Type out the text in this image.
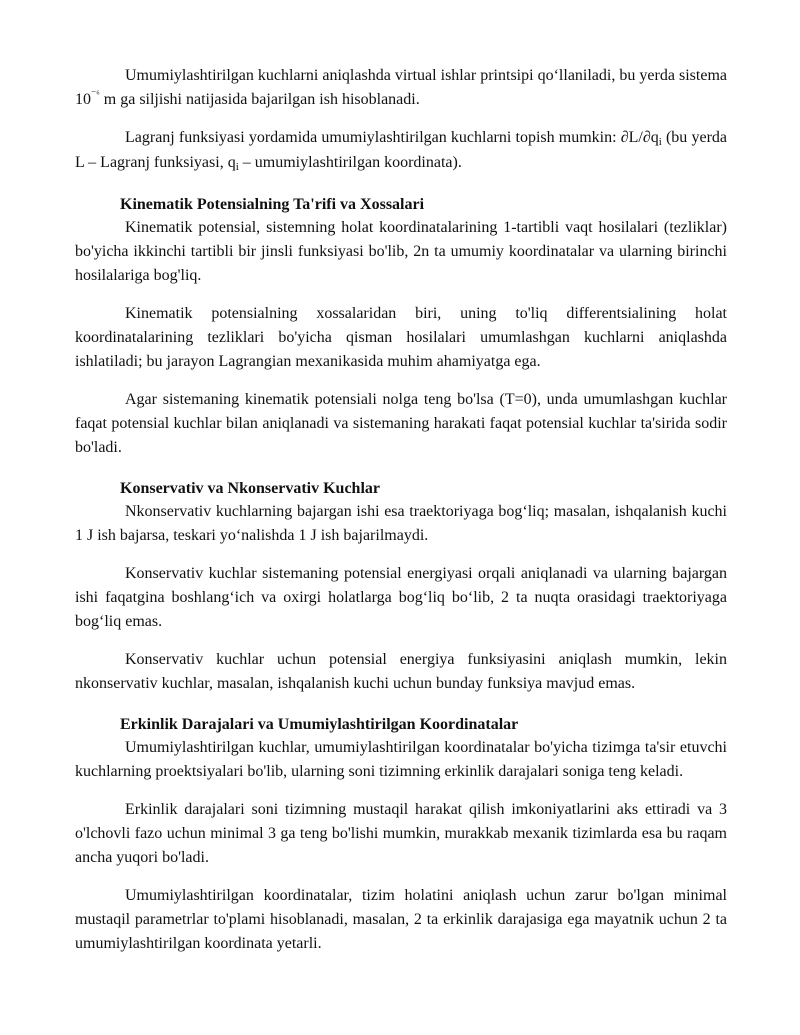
Umumiylashtirilgan kuchlarni aniqlashda virtual ishlar printsipi qo‘llaniladi, bu yerda sistema $10^{^{-6}}$ m ga siljishi natijasida bajarilgan ish hisoblanadi.

Lagranj funksiyasi yordamida umumiylashtirilgan kuchlarni topish mumkin: ∂L/∂qi (bu yerda L – Lagranj funksiyasi, qi – umumiylashtirilgan koordinata).

Kinematik Potensialning Ta'rifi va Xossalari

Kinematik potensial, sistemning holat koordinatalarining 1-tartibli vaqt hosilalari (tezliklar) bo'yicha ikkinchi tartibli bir jinsli funksiyasi bo'lib, 2n ta umumiy koordinatalar va ularning birinchi hosilalariga bog'liq.

Kinematik potensialning xossalaridan biri, uning to'liq differentsialining holat koordinatalarining tezliklari bo'yicha qisman hosilalari umumlashgan kuchlarni aniqlashda ishlatiladi; bu jarayon Lagrangian mexanikasida muhim ahamiyatga ega.

Agar sistemaning kinematik potensiali nolga teng bo'lsa (T=0), unda umumlashgan kuchlar faqat potensial kuchlar bilan aniqlanadi va sistemaning harakati faqat potensial kuchlar ta'sirida sodir bo'ladi.

Konservativ va Nkonservativ Kuchlar

Nkonservativ kuchlarning bajargan ishi esa traektoriyaga bog‘liq; masalan, ishqalanish kuchi 1 J ish bajarsa, teskari yo‘nalishda 1 J ish bajarilmaydi.

Konservativ kuchlar sistemaning potensial energiyasi orqali aniqlanadi va ularning bajargan ishi faqatgina boshlang‘ich va oxirgi holatlarga bog‘liq bo‘lib, 2 ta nuqta orasidagi traektoriyaga bog‘liq emas.

Konservativ kuchlar uchun potensial energiya funksiyasini aniqlash mumkin, lekin nkonservativ kuchlar, masalan, ishqalanish kuchi uchun bunday funksiya mavjud emas.

Erkinlik Darajalari va Umumiylashtirilgan Koordinatalar

Umumiylashtirilgan kuchlar, umumiylashtirilgan koordinatalar bo'yicha tizimga ta'sir etuvchi kuchlarning proektsiyalari bo'lib, ularning soni tizimning erkinlik darajalari soniga teng keladi.

Erkinlik darajalari soni tizimning mustaqil harakat qilish imkoniyatlarini aks ettiradi va 3 o'lchovli fazo uchun minimal 3 ga teng bo'lishi mumkin, murakkab mexanik tizimlarda esa bu raqam ancha yuqori bo'ladi.

Umumiylashtirilgan koordinatalar, tizim holatini aniqlash uchun zarur bo'lgan minimal mustaqil parametrlar to'plami hisoblanadi, masalan, 2 ta erkinlik darajasiga ega mayatnik uchun 2 ta umumiylashtirilgan koordinata yetarli.
